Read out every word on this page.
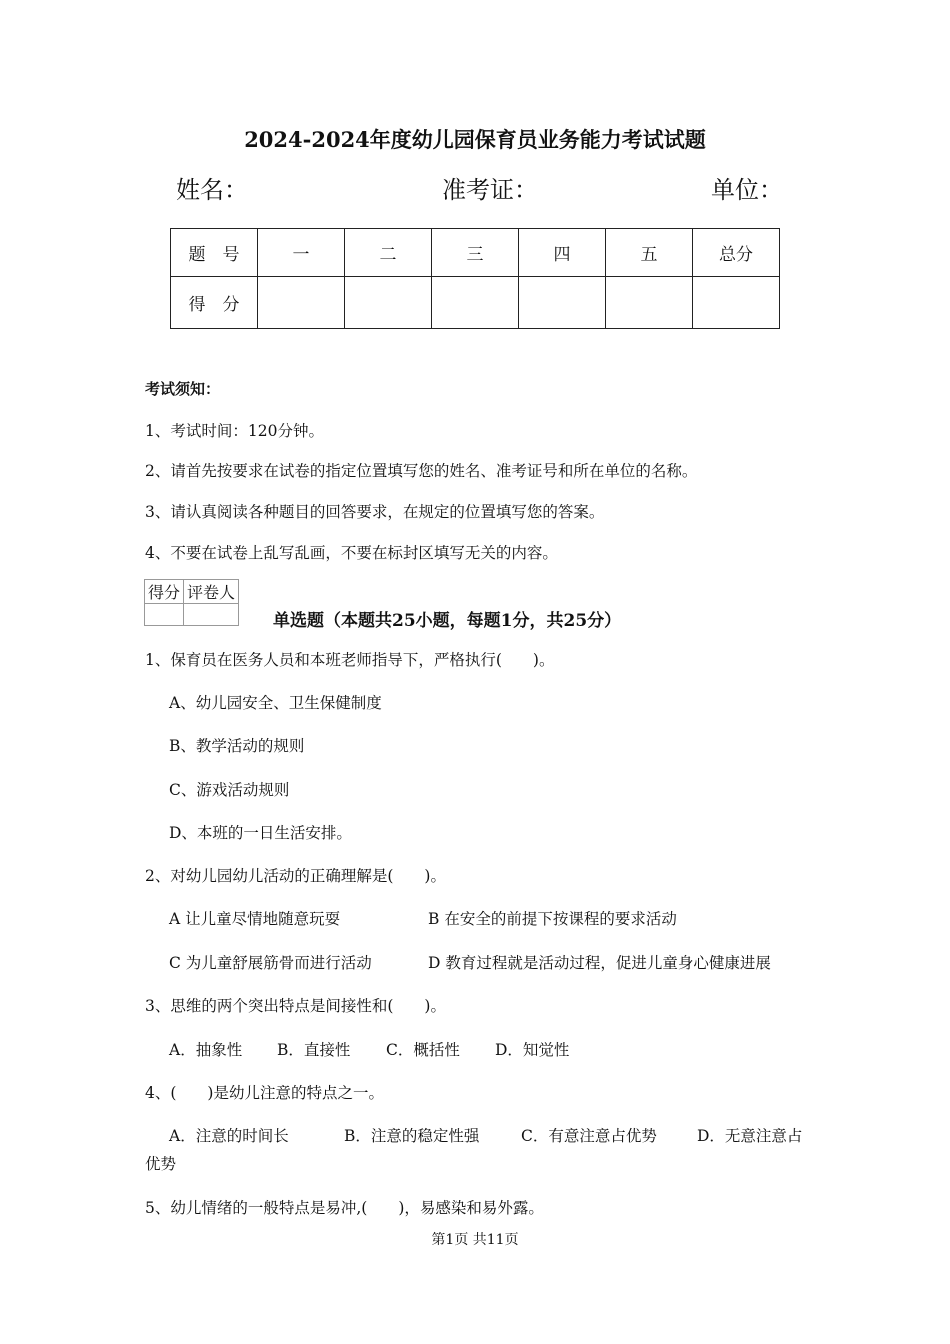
2024-2024年度幼儿园保育员业务能力考试试题
姓名：	准考证：	单位：
题　号	一	二	三	四	五	总分
得　分						
考试须知：
1、考试时间：120分钟。
2、请首先按要求在试卷的指定位置填写您的姓名、准考证号和所在单位的名称。
3、请认真阅读各种题目的回答要求，在规定的位置填写您的答案。
4、不要在试卷上乱写乱画，不要在标封区填写无关的内容。
得分	评卷人

单选题（本题共25小题，每题1分，共25分）
1、保育员在医务人员和本班老师指导下，严格执行(　　)。
A、幼儿园安全、卫生保健制度
B、教学活动的规则
C、游戏活动规则
D、本班的一日生活安排。
2、对幼儿园幼儿活动的正确理解是(　　)。
A 让儿童尽情地随意玩耍	B 在安全的前提下按课程的要求活动
C 为儿童舒展筋骨而进行活动	D 教育过程就是活动过程，促进儿童身心健康进展
3、思维的两个突出特点是间接性和(　　)。
A．抽象性 B．直接性 C．概括性 D．知觉性
4、(　　)是幼儿注意的特点之一。
A．注意的时间长	B．注意的稳定性强	C．有意注意占优势	D．无意注意占
优势
5、幼儿情绪的一般特点是易冲,(　　)，易感染和易外露。
第1页 共11页
